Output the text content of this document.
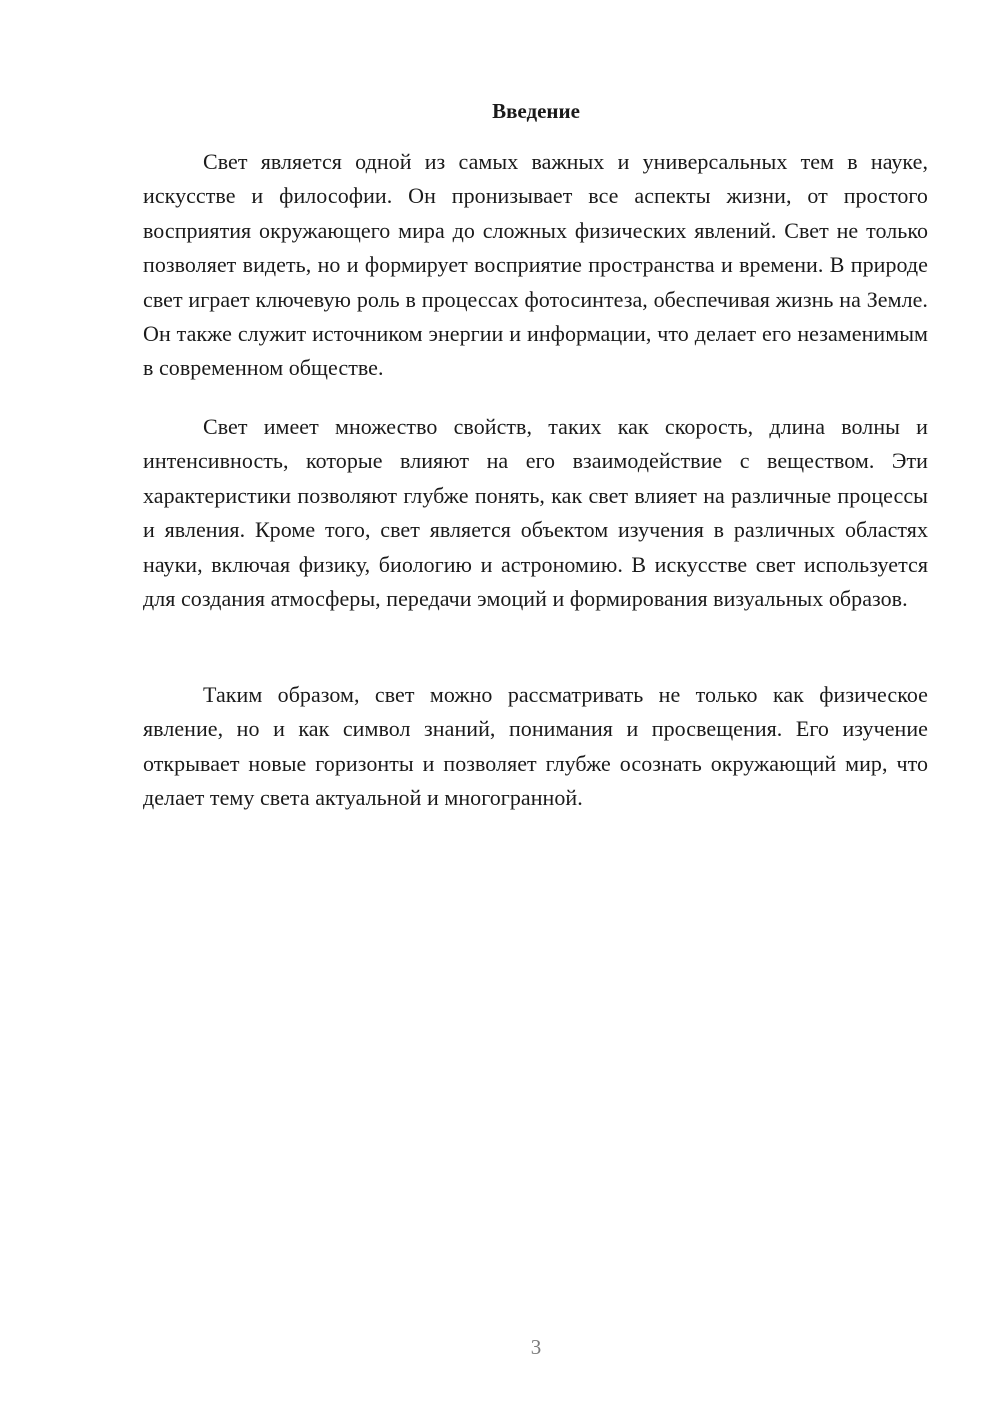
Введение

Свет является одной из самых важных и универсальных тем в науке, искусстве и философии. Он пронизывает все аспекты жизни, от простого восприятия окружающего мира до сложных физических явлений. Свет не только позволяет видеть, но и формирует восприятие пространства и времени. В природе свет играет ключевую роль в процессах фотосинтеза, обеспечивая жизнь на Земле. Он также служит источником энергии и информации, что делает его незаменимым в современном обществе.

Свет имеет множество свойств, таких как скорость, длина волны и интенсивность, которые влияют на его взаимодействие с веществом. Эти характеристики позволяют глубже понять, как свет влияет на различные процессы и явления. Кроме того, свет является объектом изучения в различных областях науки, включая физику, биологию и астрономию. В искусстве свет используется для создания атмосферы, передачи эмоций и формирования визуальных образов.

Таким образом, свет можно рассматривать не только как физическое явление, но и как символ знаний, понимания и просвещения. Его изучение открывает новые горизонты и позволяет глубже осознать окружающий мир, что делает тему света актуальной и многогранной.

3
